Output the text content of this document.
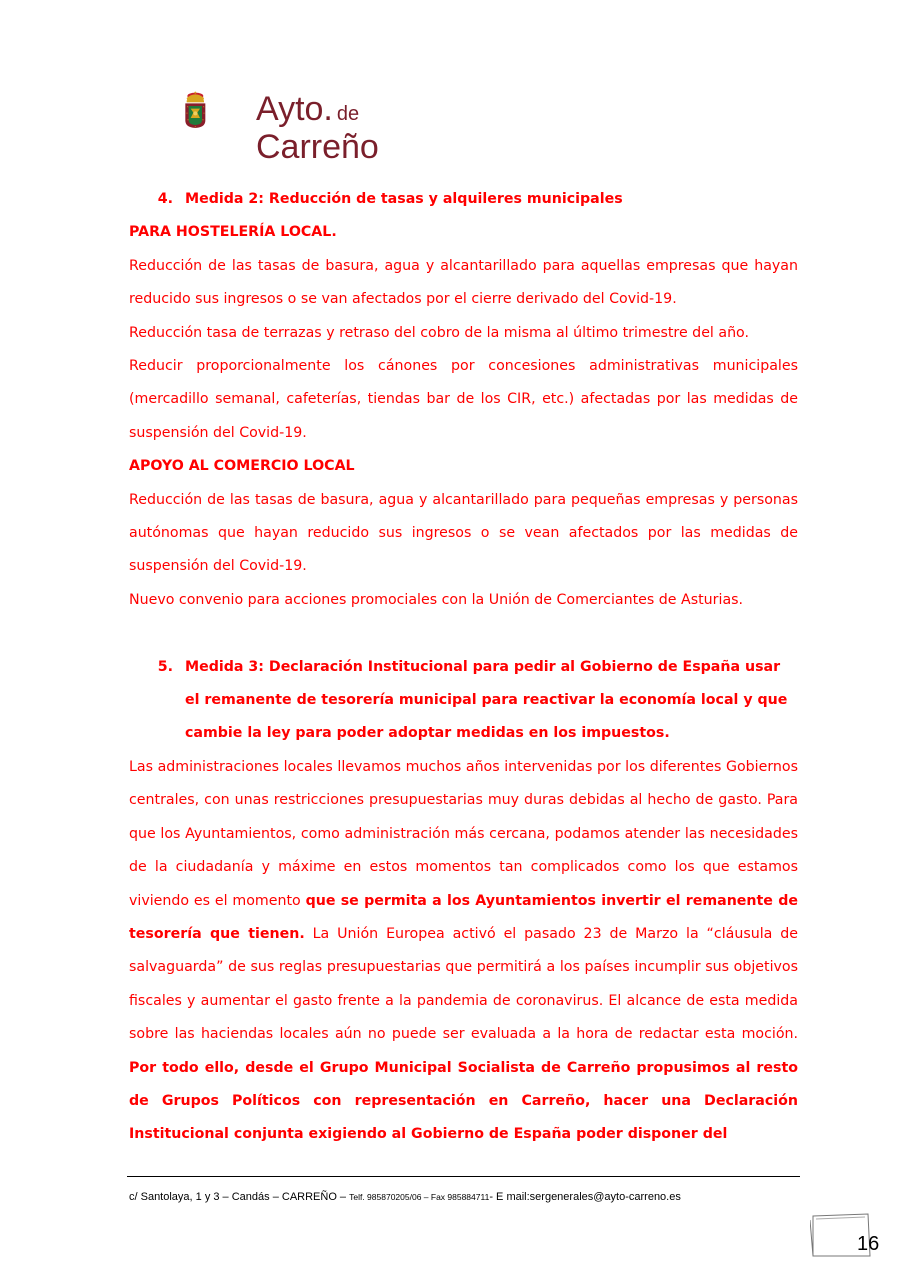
✕ ✕
✕ ✕
✕ ✕
✕ Ayto. de
Carreño
4. Medida 2: Reducción de tasas y alquileres municipales

PARA HOSTELERÍA LOCAL.

Reducción de las tasas de basura, agua y alcantarillado para aquellas empresas que hayan reducido sus ingresos o se van afectados por el cierre derivado del Covid-19.

Reducción tasa de terrazas y retraso del cobro de la misma al último trimestre del año.

Reducir proporcionalmente los cánones por concesiones administrativas municipales (mercadillo semanal, cafeterías, tiendas bar de los CIR, etc.) afectadas por las medidas de suspensión del Covid-19.

APOYO AL COMERCIO LOCAL

Reducción de las tasas de basura, agua y alcantarillado para pequeñas empresas y personas autónomas que hayan reducido sus ingresos o se vean afectados por las medidas de suspensión del Covid-19.

Nuevo convenio para acciones promociales con la Unión de Comerciantes de Asturias.

5. Medida 3: Declaración Institucional para pedir al Gobierno de España usar el remanente de tesorería municipal para reactivar la economía local y que cambie la ley para poder adoptar medidas en los impuestos.

Las administraciones locales llevamos muchos años intervenidas por los diferentes Gobiernos centrales, con unas restricciones presupuestarias muy duras debidas al hecho de gasto. Para que los Ayuntamientos, como administración más cercana, podamos atender las necesidades de la ciudadanía y máxime en estos momentos tan complicados como los que estamos viviendo es el momento que se permita a los Ayuntamientos invertir el remanente de tesorería que tienen. La Unión Europea activó el pasado 23 de Marzo la “cláusula de salvaguarda” de sus reglas presupuestarias que permitirá a los países incumplir sus objetivos fiscales y aumentar el gasto frente a la pandemia de coronavirus. El alcance de esta medida sobre las haciendas locales aún no puede ser evaluada a la hora de redactar esta moción. Por todo ello, desde el Grupo Municipal Socialista de Carreño propusimos al resto de Grupos Políticos con representación en Carreño, hacer una Declaración Institucional conjunta exigiendo al Gobierno de España poder disponer del

c/ Santolaya, 1 y 3 – Candás – CARREÑO – Telf. 985870205/06 – Fax 985884711- E mail:sergenerales@ayto-carreno.es
16
